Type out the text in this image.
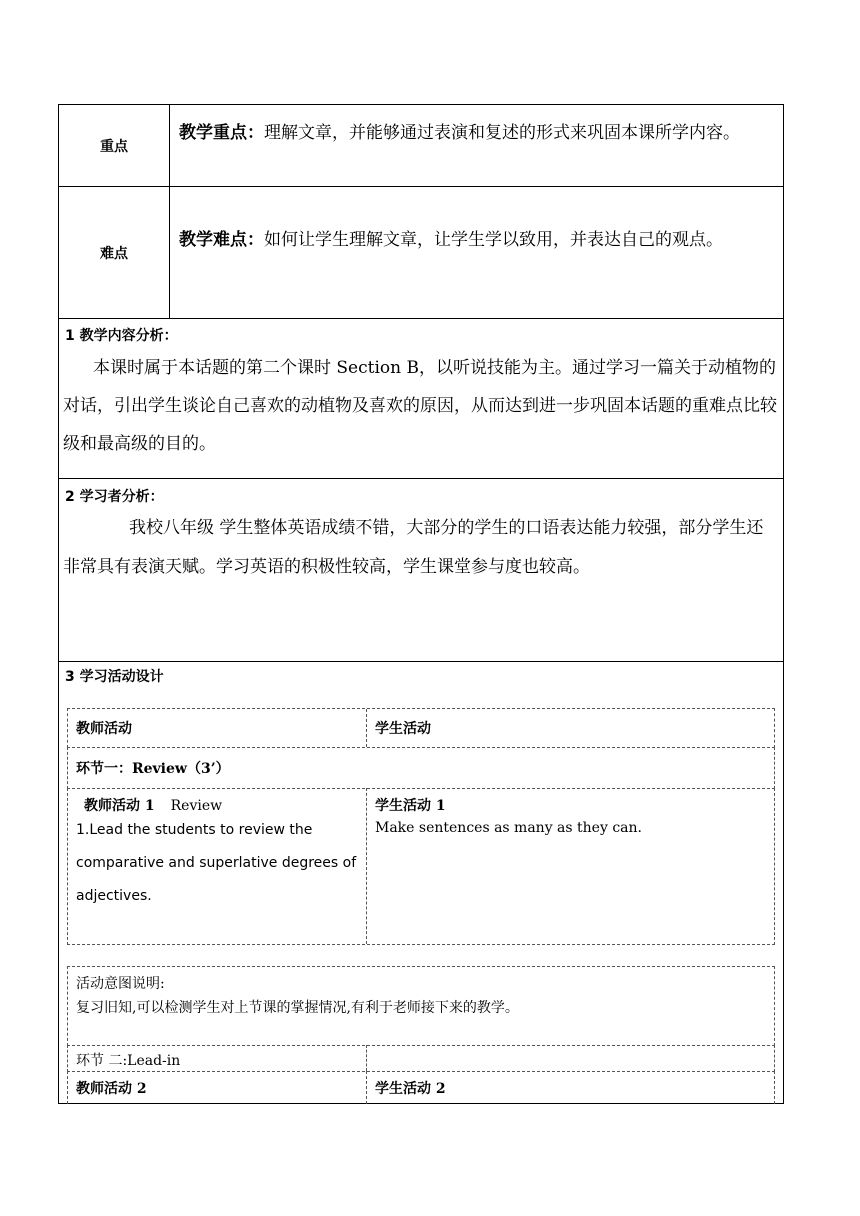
重点
教学重点：理解文章，并能够通过表演和复述的形式来巩固本课所学内容。
难点
教学难点：如何让学生理解文章，让学生学以致用，并表达自己的观点。
1 教学内容分析：
本课时属于本话题的第二个课时 Section B，以听说技能为主。通过学习一篇关于动植物的对话，引出学生谈论自己喜欢的动植物及喜欢的原因，从而达到进一步巩固本话题的重难点比较级和最高级的目的。
2 学习者分析：
我校八年级 学生整体英语成绩不错，大部分的学生的口语表达能力较强，部分学生还非常具有表演天赋。学习英语的积极性较高，学生课堂参与度也较高。
3 学习活动设计
教师活动	学生活动
环节一：Review（3’）
教师活动 1 Review
1.Lead the students to review the comparative and superlative degrees of adjectives.
学生活动 1
Make sentences as many as they can.
活动意图说明:
复习旧知,可以检测学生对上节课的掌握情况,有利于老师接下来的教学。
环节 二:Lead-in
教师活动 2	学生活动 2
